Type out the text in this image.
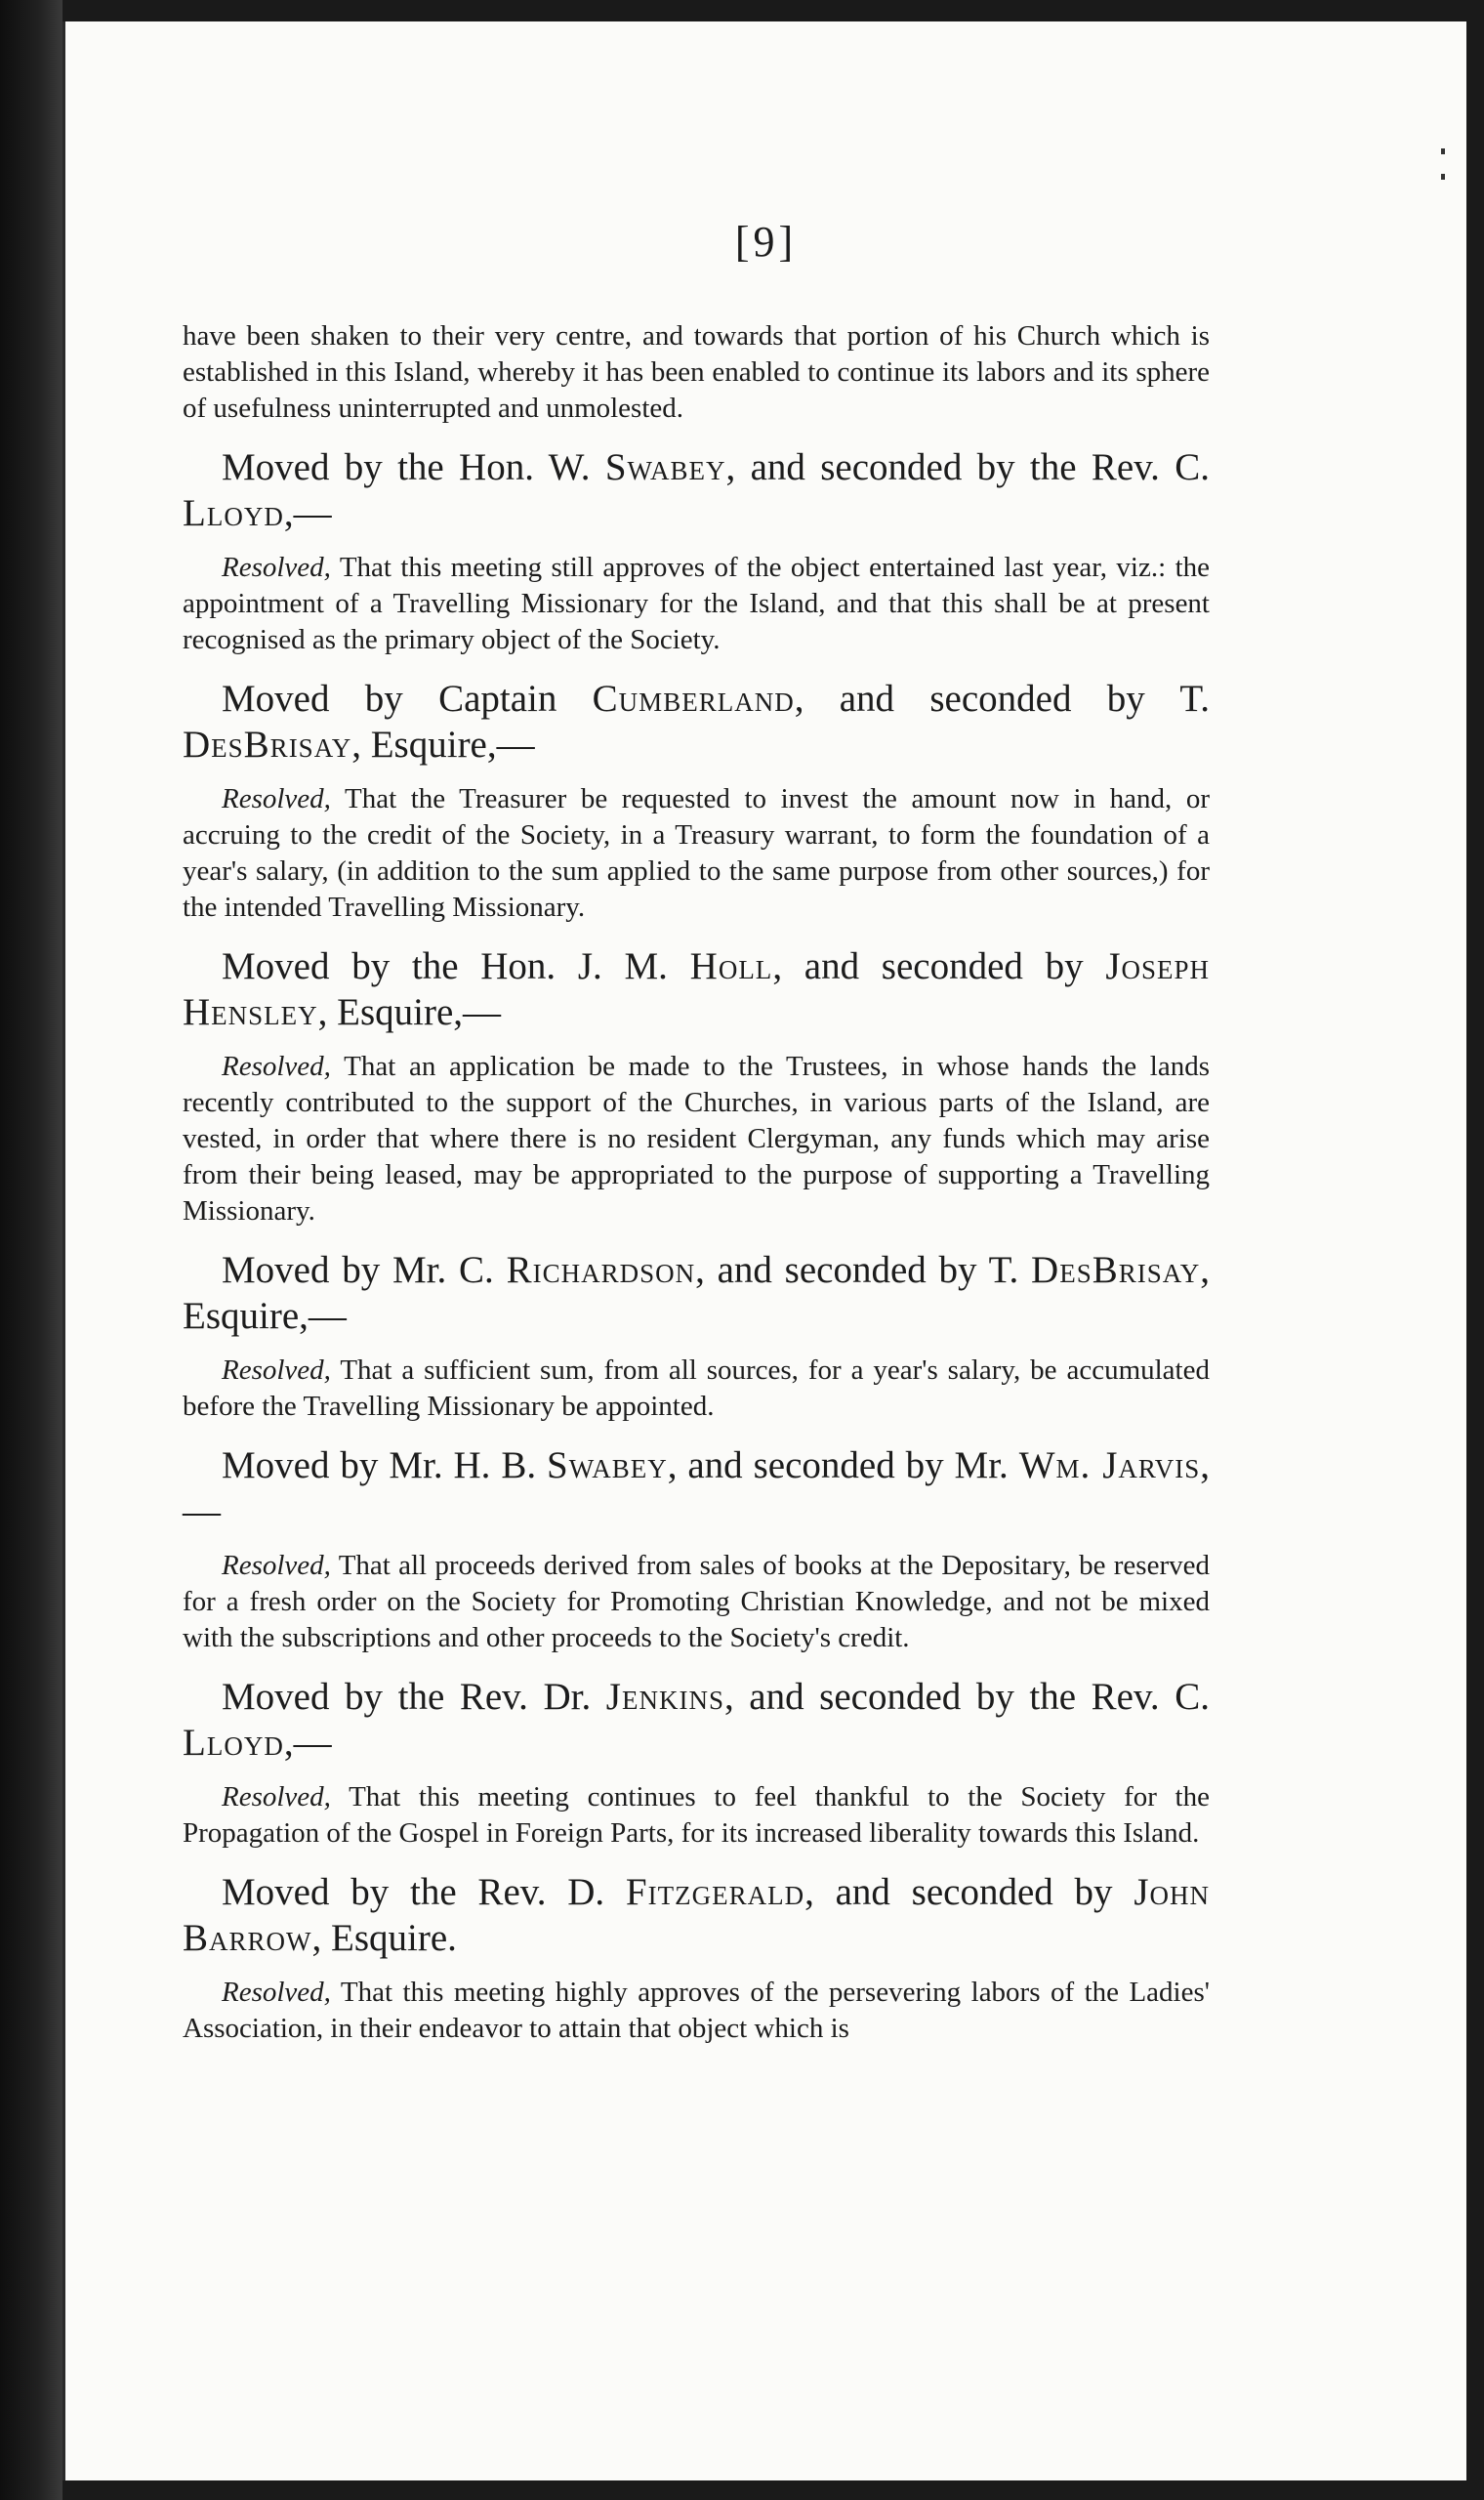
[9]

have been shaken to their very centre, and towards that portion of his Church which is established in this Island, whereby it has been enabled to continue its labors and its sphere of usefulness uninterrupted and unmolested.

Moved by the Hon. W. Swabey, and seconded by the Rev. C. Lloyd,—

Resolved, That this meeting still approves of the object entertained last year, viz.: the appointment of a Travelling Missionary for the Island, and that this shall be at present recognised as the primary object of the Society.

Moved by Captain Cumberland, and seconded by T. DesBrisay, Esquire,—

Resolved, That the Treasurer be requested to invest the amount now in hand, or accruing to the credit of the Society, in a Treasury warrant, to form the foundation of a year's salary, (in addition to the sum applied to the same purpose from other sources,) for the intended Travelling Missionary.

Moved by the Hon. J. M. Holl, and seconded by Joseph Hensley, Esquire,—

Resolved, That an application be made to the Trustees, in whose hands the lands recently contributed to the support of the Churches, in various parts of the Island, are vested, in order that where there is no resident Clergyman, any funds which may arise from their being leased, may be appropriated to the purpose of supporting a Travelling Missionary.

Moved by Mr. C. Richardson, and seconded by T. DesBrisay, Esquire,—

Resolved, That a sufficient sum, from all sources, for a year's salary, be accumulated before the Travelling Missionary be appointed.

Moved by Mr. H. B. Swabey, and seconded by Mr. Wm. Jarvis,—

Resolved, That all proceeds derived from sales of books at the Depositary, be reserved for a fresh order on the Society for Promoting Christian Knowledge, and not be mixed with the subscriptions and other proceeds to the Society's credit.

Moved by the Rev. Dr. Jenkins, and seconded by the Rev. C. Lloyd,—

Resolved, That this meeting continues to feel thankful to the Society for the Propagation of the Gospel in Foreign Parts, for its increased liberality towards this Island.

Moved by the Rev. D. Fitzgerald, and seconded by John Barrow, Esquire.

Resolved, That this meeting highly approves of the persevering labors of the Ladies' Association, in their endeavor to attain that object which is
